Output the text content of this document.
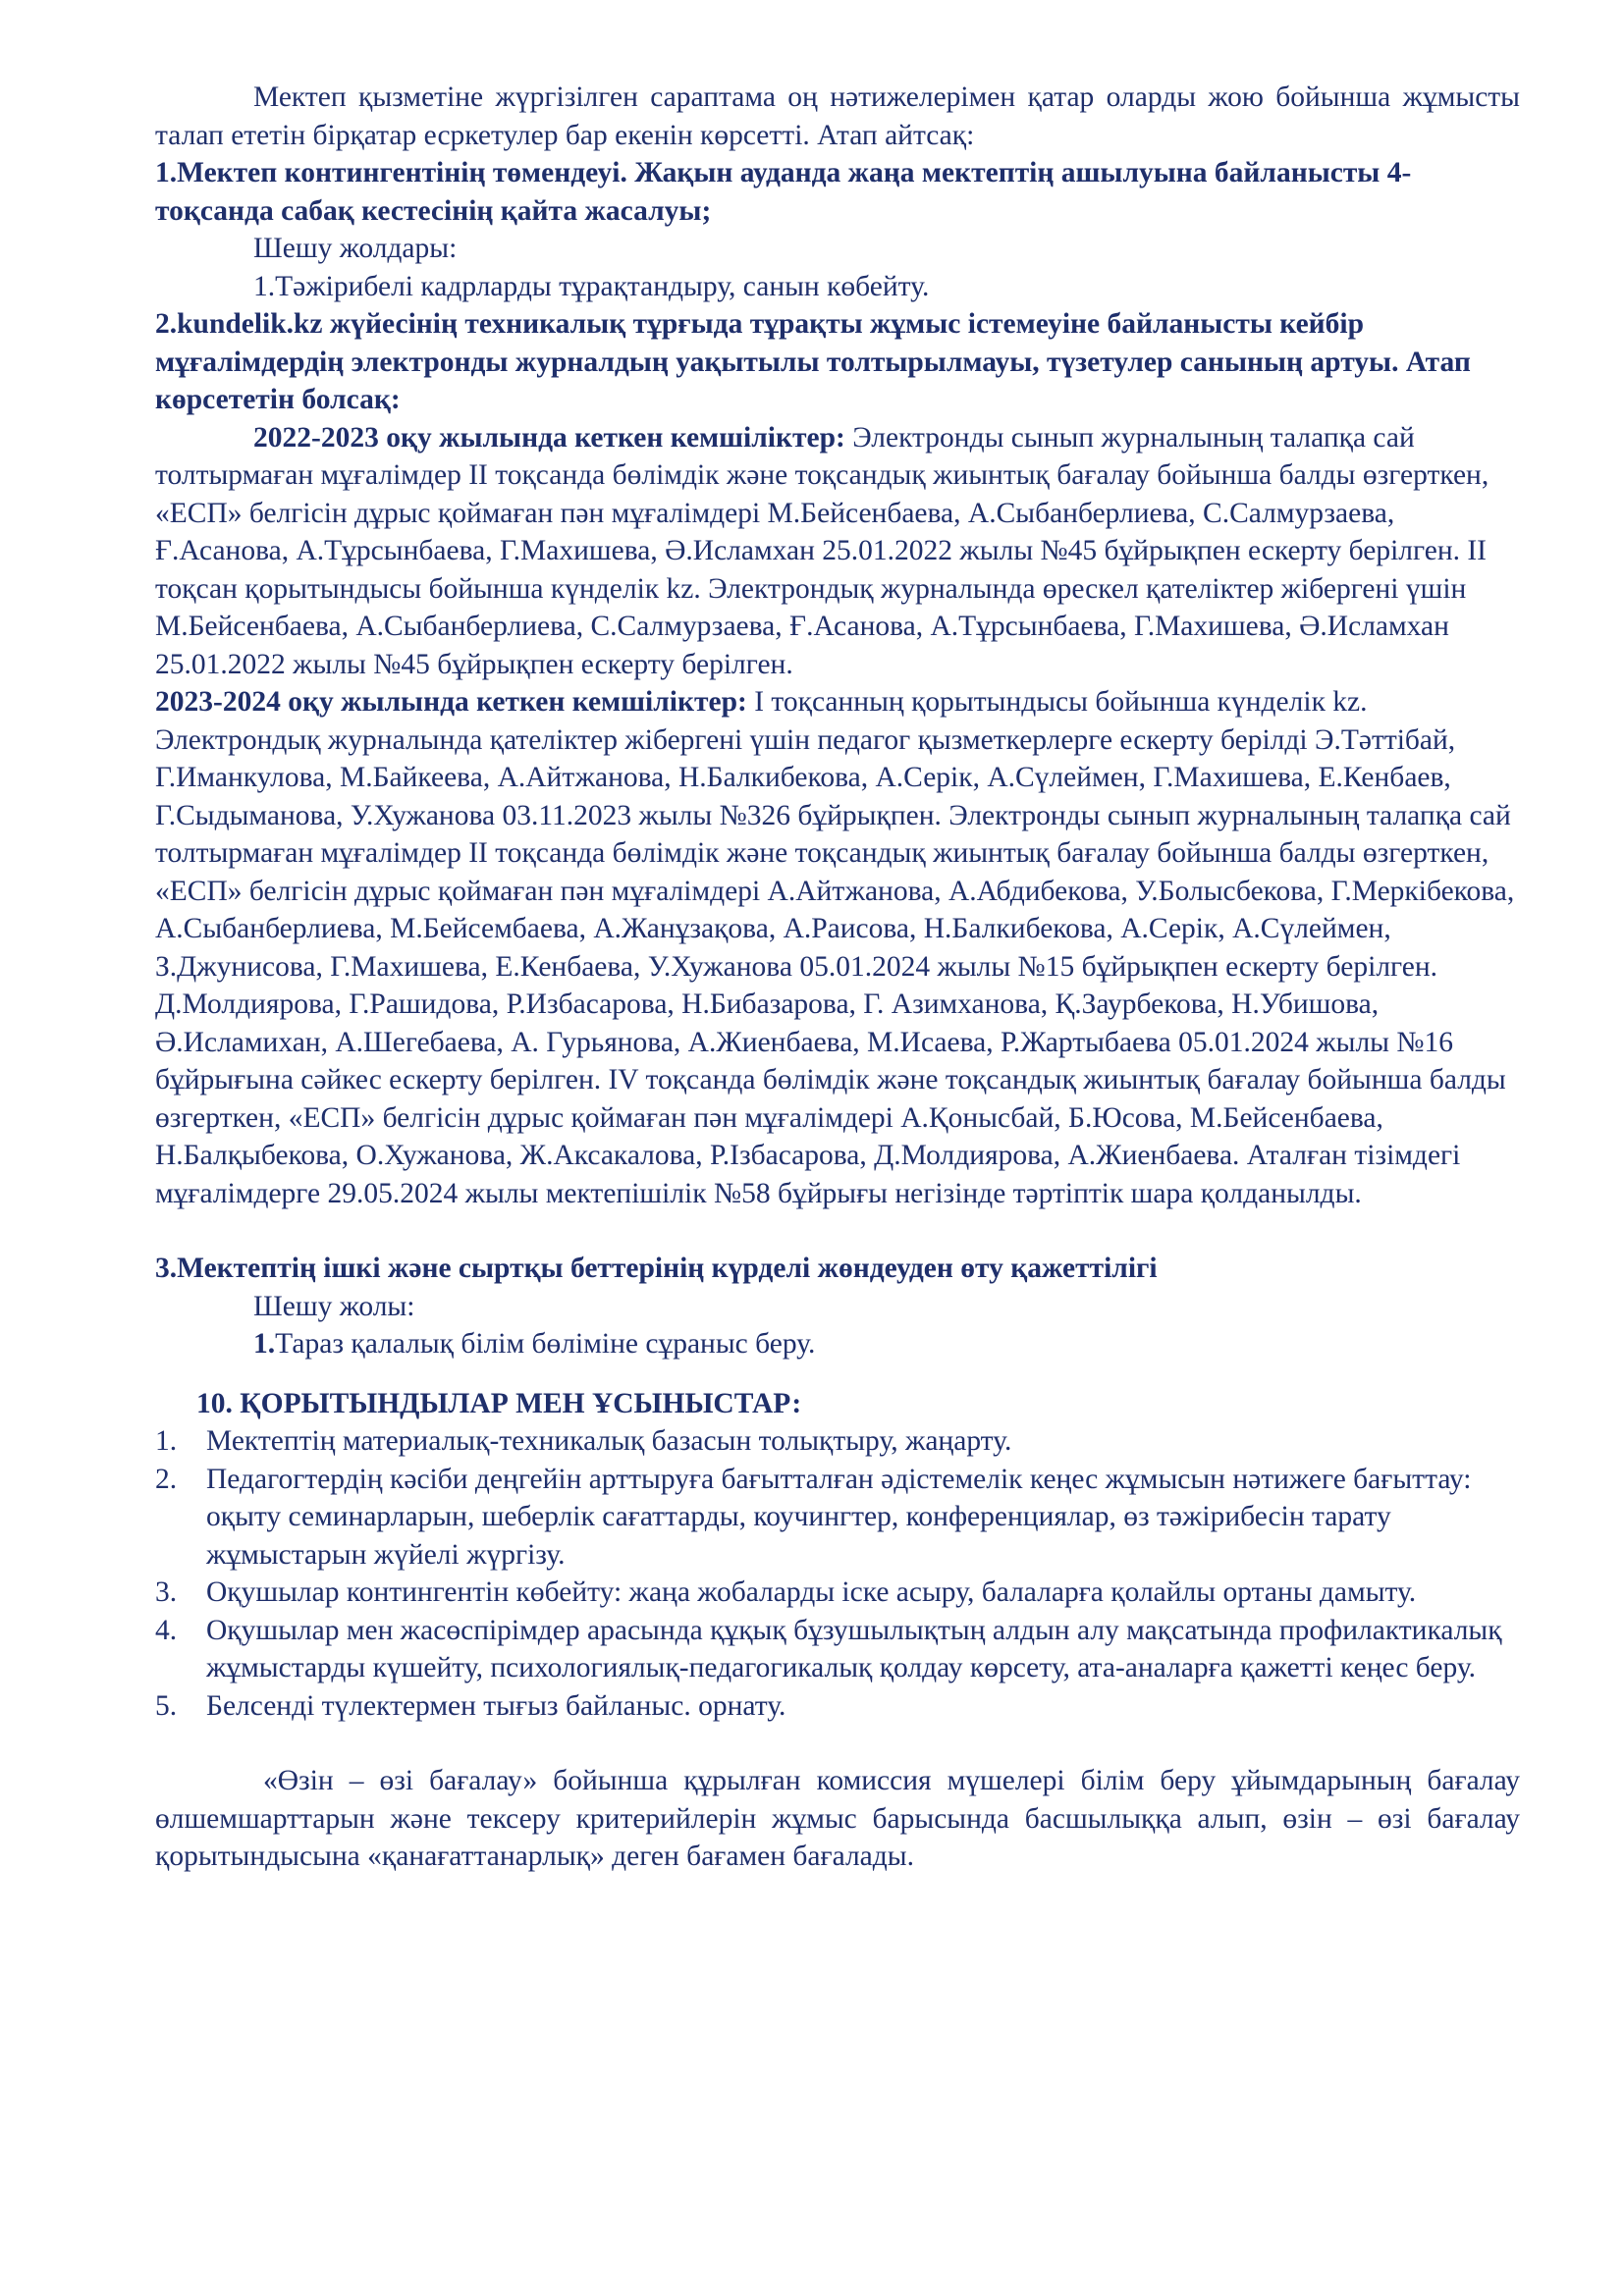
Мектеп қызметіне жүргізілген сараптама оң нәтижелерімен қатар оларды жою бойынша жұмысты талап ететін бірқатар есркетулер бар екенін көрсетті. Атап айтсақ:

1.Мектеп контингентінің төмендеуі. Жақын ауданда жаңа мектептің ашылуына байланысты 4-тоқсанда сабақ кестесінің қайта жасалуы;

Шешу жолдары:

1.Тәжірибелі кадрларды тұрақтандыру, санын көбейту.

2.kundelik.kz жүйесінің техникалық тұрғыда тұрақты жұмыс істемеуіне байланысты кейбір мұғалімдердің электронды журналдың уақытылы толтырылмауы, түзетулер санының артуы. Атап көрсететін болсақ:

2022-2023 оқу жылында кеткен кемшіліктер: Электронды сынып журналының талапқа сай толтырмаған мұғалімдер ІІ тоқсанда бөлімдік және тоқсандық жиынтық бағалау бойынша балды өзгерткен, «ЕСП» белгісін дұрыс қоймаған пән мұғалімдері М.Бейсенбаева, А.Сыбанберлиева, С.Салмурзаева, Ғ.Асанова, А.Тұрсынбаева, Г.Махишева, Ә.Исламхан 25.01.2022 жылы №45 бұйрықпен ескерту берілген. ІІ тоқсан қорытындысы бойынша күнделік kz. Электрондық журналында өрескел қателіктер жібергені үшін М.Бейсенбаева, А.Сыбанберлиева, С.Салмурзаева, Ғ.Асанова, А.Тұрсынбаева, Г.Махишева, Ә.Исламхан 25.01.2022 жылы №45 бұйрықпен ескерту берілген.

2023-2024 оқу жылында кеткен кемшіліктер: І тоқсанның қорытындысы бойынша күнделік kz. Электрондық журналында қателіктер жібергені үшін педагог қызметкерлерге ескерту берілді Э.Тәттібай, Г.Иманкулова, М.Байкеева, А.Айтжанова, Н.Балкибекова, А.Серік, А.Сүлеймен, Г.Махишева, Е.Кенбаев, Г.Сыдыманова, У.Хужанова 03.11.2023 жылы №326 бұйрықпен. Электронды сынып журналының талапқа сай толтырмаған мұғалімдер ІІ тоқсанда бөлімдік және тоқсандық жиынтық бағалау бойынша балды өзгерткен, «ЕСП» белгісін дұрыс қоймаған пән мұғалімдері А.Айтжанова, А.Абдибекова, У.Болысбекова, Г.Меркібекова, А.Сыбанберлиева, М.Бейсембаева, А.Жанұзақова, А.Раисова, Н.Балкибекова, А.Серік, А.Сүлеймен, З.Джунисова, Г.Махишева, Е.Кенбаева, У.Хужанова 05.01.2024 жылы №15 бұйрықпен ескерту берілген. Д.Молдиярова, Г.Рашидова, Р.Избасарова, Н.Бибазарова, Г. Азимханова, Қ.Заурбекова, Н.Убишова, Ә.Исламихан, А.Шегебаева, А. Гурьянова, А.Жиенбаева, М.Исаева, Р.Жартыбаева 05.01.2024 жылы №16 бұйрығына сәйкес ескерту берілген. ІV тоқсанда бөлімдік және тоқсандық жиынтық бағалау бойынша балды өзгерткен, «ЕСП» белгісін дұрыс қоймаған пән мұғалімдері А.Қонысбай, Б.Юсова, М.Бейсенбаева, Н.Балқыбекова, О.Хужанова, Ж.Аксакалова, Р.Ізбасарова, Д.Молдиярова, А.Жиенбаева. Аталған тізімдегі мұғалімдерге 29.05.2024 жылы мектепішілік №58 бұйрығы негізінде тәртіптік шара қолданылды.

3.Мектептің ішкі және сыртқы беттерінің күрделі жөндеуден өту қажеттілігі

Шешу жолы:

1.Тараз қалалық білім бөліміне сұраныс беру.

10. ҚОРЫТЫНДЫЛАР МЕН ҰСЫНЫСТАР:

1. Мектептің материалық-техникалық базасын толықтыру, жаңарту.
2. Педагогтердің кәсіби деңгейін арттыруға бағытталған әдістемелік кеңес жұмысын нәтижеге бағыттау: оқыту семинарларын, шеберлік сағаттарды, коучингтер, конференциялар, өз тәжірибесін тарату жұмыстарын жүйелі жүргізу.
3. Оқушылар контингентін көбейту: жаңа жобаларды іске асыру, балаларға қолайлы ортаны дамыту.
4. Оқушылар мен жасөспірімдер арасында құқық бұзушылықтың алдын алу мақсатында профилактикалық жұмыстарды күшейту, психологиялық-педагогикалық қолдау көрсету, ата-аналарға қажетті кеңес беру.
5. Белсенді түлектермен тығыз байланыс. орнату.

«Өзін – өзі бағалау» бойынша құрылған комиссия мүшелері білім беру ұйымдарының бағалау өлшемшарттарын және тексеру критерийлерін жұмыс барысында басшылыққа алып, өзін – өзі бағалау қорытындысына «қанағаттанарлық» деген бағамен бағалады.
